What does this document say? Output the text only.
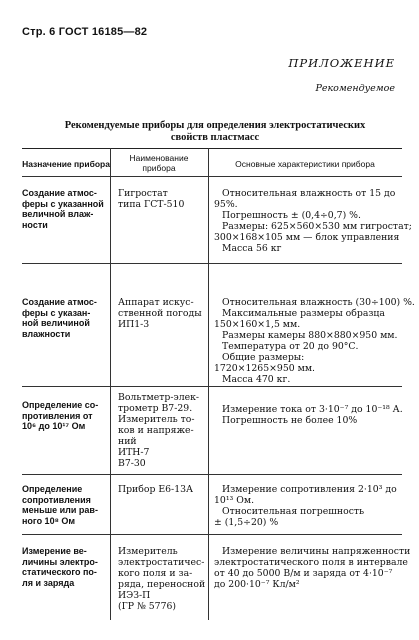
Стр. 6 ГОСТ 16185—82
ПРИЛОЖЕНИЕ
Рекомендуемое
Рекомендуемые приборы для определения электростатических
свойств пластмасс
Назначение прибора
Наименование
прибора	Основные характеристики прибора
Создание атмос-
феры с указанной
величной влаж-
ности
Гигростат
типа ГСТ-510
Относительная влажность от 15 до
95%.
Погрешность ± (0,4÷0,7) %.
Размеры: 625×560×530 мм гигростат;
300×168×105 мм — блок управления
Масса 56 кг
Создание атмос-
феры с указан-
ной величиной
влажности
Аппарат искус-
ственной погоды
ИП1-3
Относительная влажность (30÷100) %.
Максимальные размеры образца
150×160×1,5 мм.
Размеры камеры 880×880×950 мм.
Температура от 20 до 90°С.
Общие размеры:
1720×1265×950 мм.
Масса 470 кг.
Определение со-
противления от
10⁶ до 10¹⁷ Ом
Вольтметр-элек-
трометр В7-29.
Измеритель то-
ков и напряже-
ний
ИТН-7
В7-30
Измерение тока от 3·10⁻⁷ до 10⁻¹⁸ А.
Погрешность не более 10%
Определение
сопротивления
меньше или рав-
ного 10⁸ Ом
Прибор Е6-13А	Измерение сопротивления 2·10³ до
10¹³ Ом.
Относительная погрешность
± (1,5÷20) %
Измерение ве-
личины электро-
статического по-
ля и заряда
Измеритель
электростатичес-
кого поля и за-
ряда, переносной
ИЭЗ-П
(ГР № 5776)
Измерение величины напряженности
электростатического поля в интервале
от 40 до 5000 В/м и заряда от 4·10⁻⁷
до 200·10⁻⁷ Кл/м²
